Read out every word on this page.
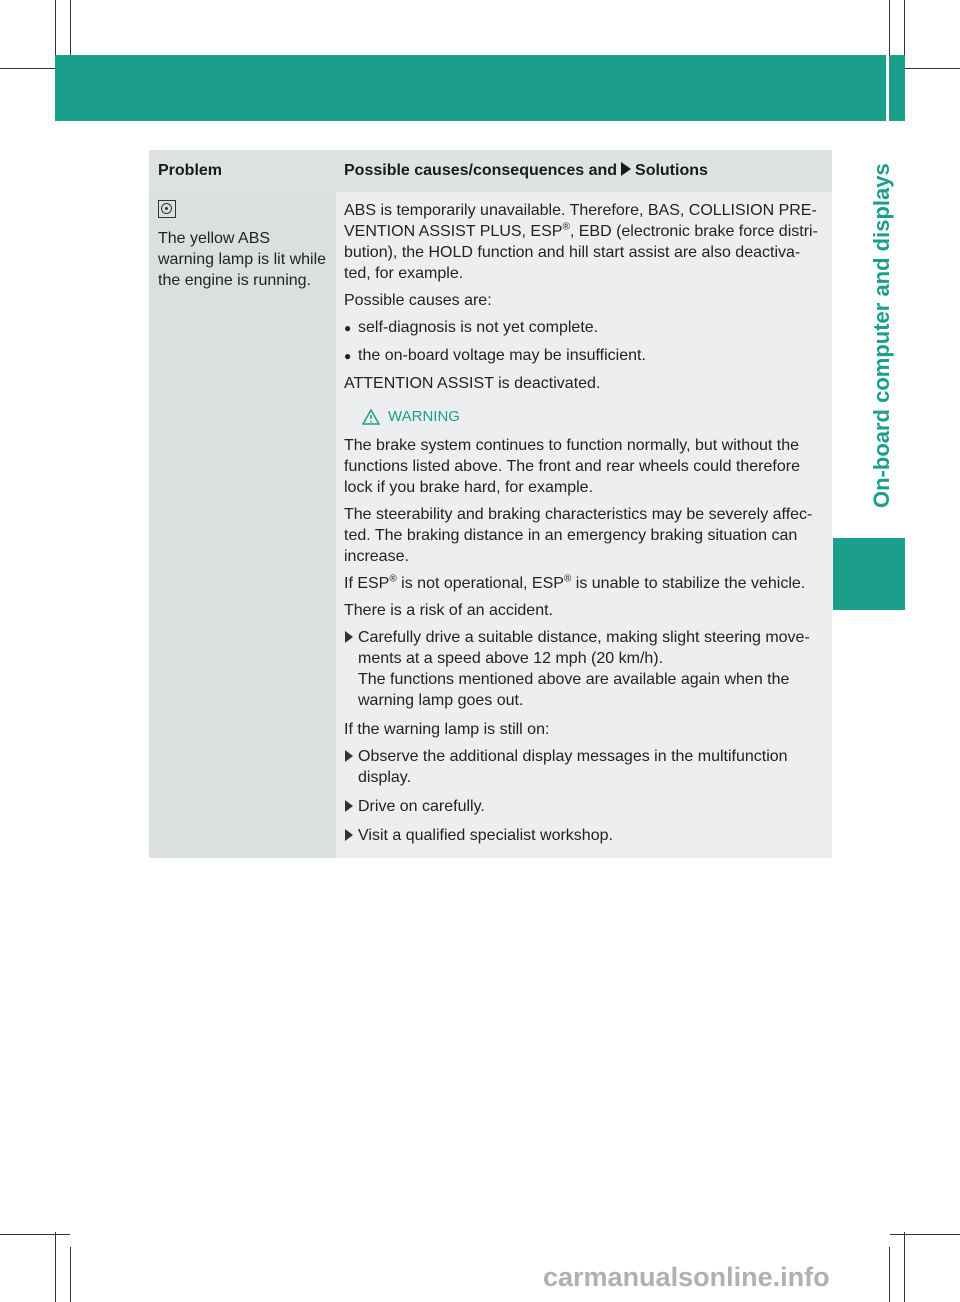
Warning and indicator lamps in the instrument cluster 239
On-board computer and displays
Problem	Possible causes/consequences and Solutions
The yellow ABS warning lamp is lit while the engine is running.

ABS is temporarily unavailable. Therefore, BAS, COLLISION PRE-VENTION ASSIST PLUS, ESP®, EBD (electronic brake force distri-bution), the HOLD function and hill start assist are also deactiva-ted, for example.

Possible causes are:

● self-diagnosis is not yet complete.
● the on-board voltage may be insufficient.

ATTENTION ASSIST is deactivated.

WARNING

The brake system continues to function normally, but without the functions listed above. The front and rear wheels could therefore lock if you brake hard, for example.

The steerability and braking characteristics may be severely affec-ted. The braking distance in an emergency braking situation can increase.

If ESP® is not operational, ESP® is unable to stabilize the vehicle.

There is a risk of an accident.

Carefully drive a suitable distance, making slight steering move-ments at a speed above 12 mph (20 km/h).
The functions mentioned above are available again when the warning lamp goes out.

If the warning lamp is still on:

Observe the additional display messages in the multifunction display.
Drive on carefully.
Visit a qualified specialist workshop.
carmanualsonline.info
